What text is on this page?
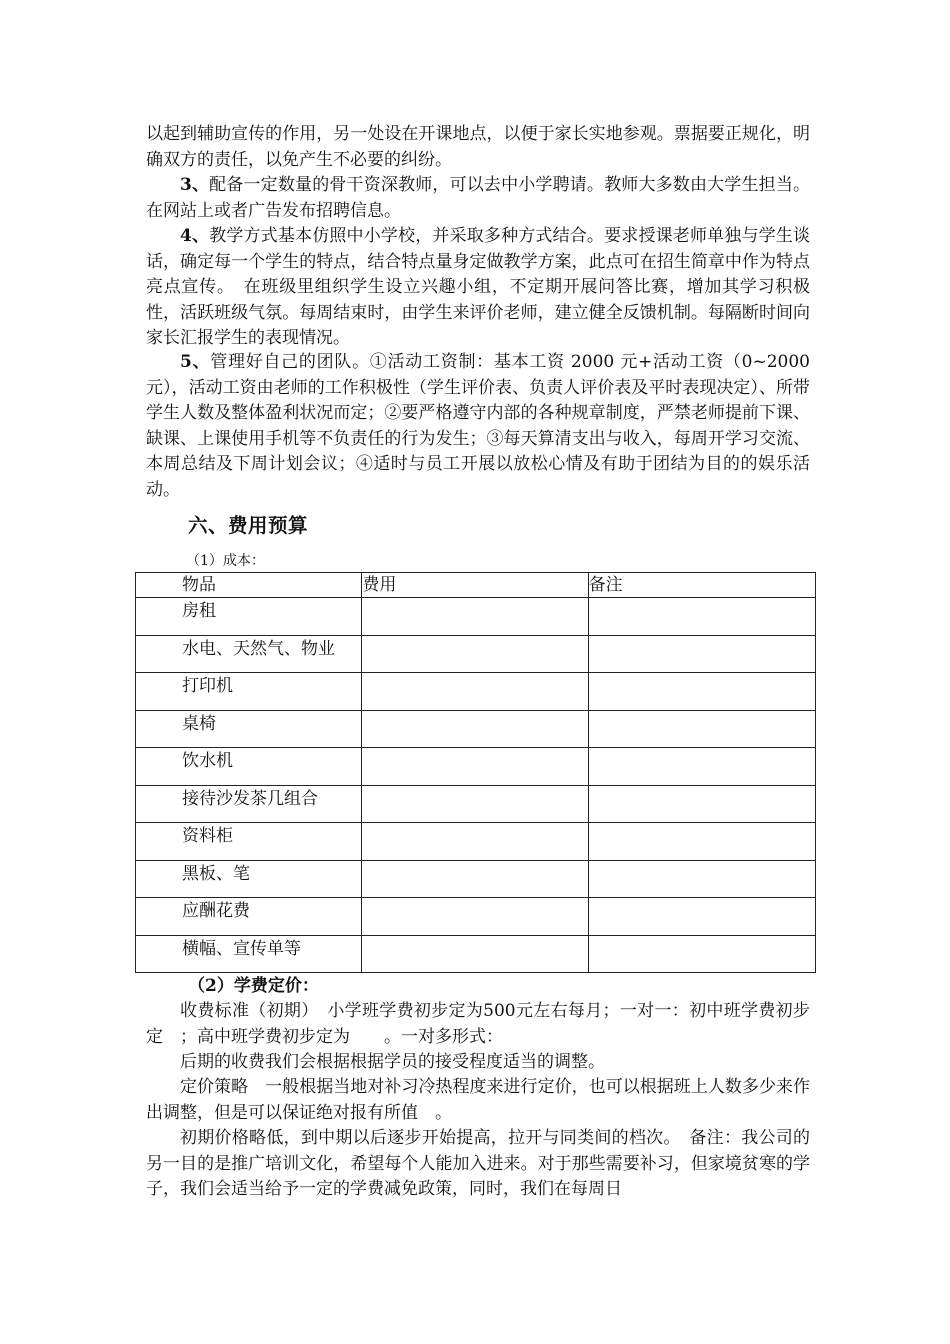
以起到辅助宣传的作用，另一处设在开课地点，以便于家长实地参观。票据要正规化，明确双方的责任，以免产生不必要的纠纷。

3、配备一定数量的骨干资深教师，可以去中小学聘请。教师大多数由大学生担当。在网站上或者广告发布招聘信息。

4、教学方式基本仿照中小学校，并采取多种方式结合。要求授课老师单独与学生谈话，确定每一个学生的特点，结合特点量身定做教学方案，此点可在招生简章中作为特点亮点宣传。　在班级里组织学生设立兴趣小组，不定期开展问答比赛，增加其学习积极性，活跃班级气氛。每周结束时，由学生来评价老师，建立健全反馈机制。每隔断时间向家长汇报学生的表现情况。

5、管理好自己的团队。①活动工资制：基本工资 2000 元+活动工资（0~2000 元），活动工资由老师的工作积极性（学生评价表、负责人评价表及平时表现决定）、所带学生人数及整体盈利状况而定；②要严格遵守内部的各种规章制度，严禁老师提前下课、缺课、上课使用手机等不负责任的行为发生；③每天算清支出与收入，每周开学习交流、本周总结及下周计划会议；④适时与员工开展以放松心情及有助于团结为目的的娱乐活动。

六、费用预算

（1）成本：

物品	费用	备注
房租		
水电、天然气、物业		
打印机		
桌椅		
饮水机		
接待沙发茶几组合		
资料柜		
黑板、笔		
应酬花费		
横幅、宣传单等		

（2）学费定价：

收费标准（初期）　小学班学费初步定为500元左右每月；一对一：初中班学费初步定　；高中班学费初步定为　　。一对多形式：

后期的收费我们会根据根据学员的接受程度适当的调整。

定价策略　一般根据当地对补习冷热程度来进行定价，也可以根据班上人数多少来作出调整，但是可以保证绝对报有所值　。

初期价格略低，到中期以后逐步开始提高，拉开与同类间的档次。　备注：我公司的另一目的是推广培训文化，希望每个人能加入进来。对于那些需要补习，但家境贫寒的学子，我们会适当给予一定的学费减免政策，同时，我们在每周日
